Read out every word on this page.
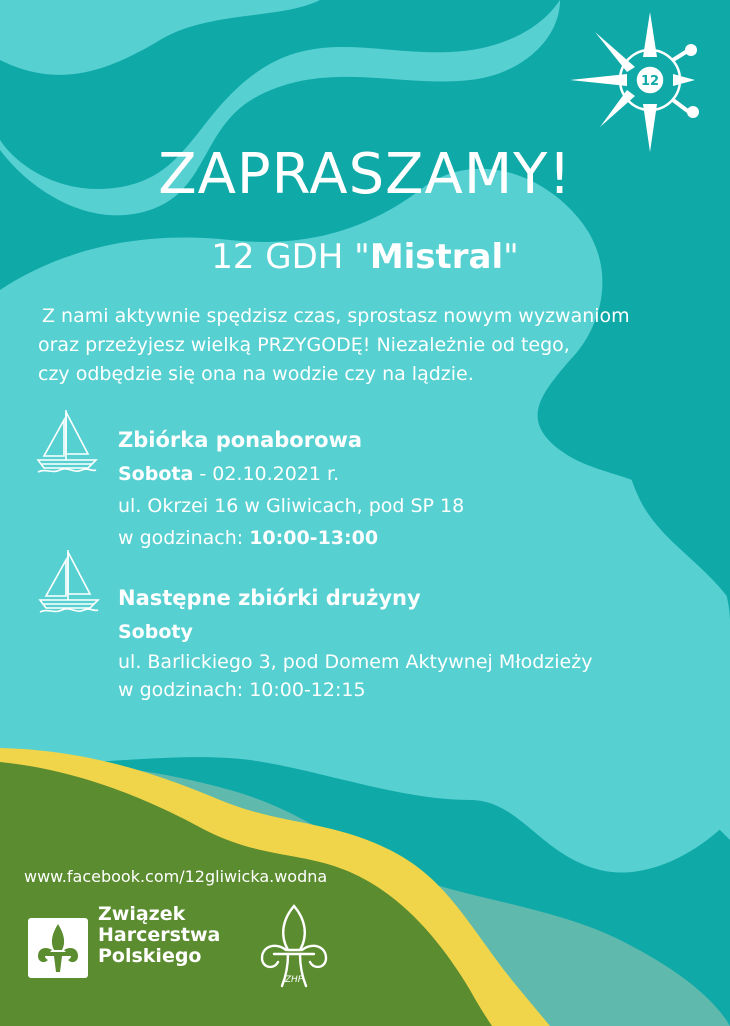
12
ZAPRASZAMY!
12 GDH "Mistral"
Z nami aktywnie spędzisz czas, sprostasz nowym wyzwaniom
oraz przeżyjesz wielką PRZYGODĘ! Niezależnie od tego,
czy odbędzie się ona na wodzie czy na lądzie.
Zbiórka ponaborowa
Sobota - 02.10.2021 r.
ul. Okrzei 16 w Gliwicach, pod SP 18
w godzinach: 10:00-13:00
Następne zbiórki drużyny
Soboty
ul. Barlickiego 3, pod Domem Aktywnej Młodzieży
w godzinach: 10:00-12:15
www.facebook.com/12gliwicka.wodna
Związek
Harcerstwa
Polskiego
ZHP
